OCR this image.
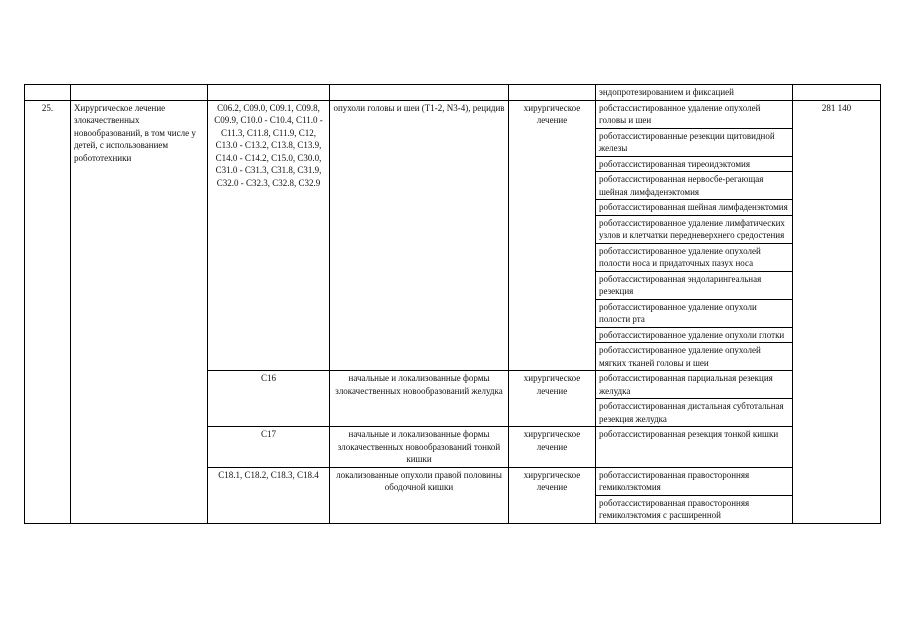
					эндопротезированием и фиксацией	
25.	Хирургическое лечение злокачественных новообразований, в том числе у детей, с использованием робототехники	C06.2, C09.0, C09.1, C09.8, C09.9, C10.0 - C10.4, C11.0 - C11.3, C11.8, C11.9, C12, C13.0 - C13.2, C13.8, C13.9, C14.0 - C14.2, C15.0, C30.0, C31.0 - C31.3, C31.8, C31.9, C32.0 - C32.3, C32.8, C32.9	опухоли головы и шеи (T1-2, N3-4), рецидив	хирургическое лечение	робстассистированное удаление опухолей головы и шеи	281 140
					роботассистированные резекции щитовидной железы	
					роботассистированная тиреоидэктомия	
					роботассистированная нервосбе-регающая шейная лимфаденэктомия	
					роботассистированная шейная лимфаденэктомия	
					роботассистированное удаление лимфатических узлов и клетчатки передневерхнего средостения	
					роботассистированное удаление опухолей полости носа и придаточных пазух носа	
					роботассистированная эндоларингеальная резекция	
					роботассистированное удаление опухоли полости рта	
					роботассистированное удаление опухоли глотки	
					роботассистированное удаление опухолей мягких тканей головы и шеи	
		C16	начальные и локализованные формы злокачественных новообразований желудка	хирургическое лечение	роботассистированная парциальная резекция желудка	
					роботассистированная дистальная субтотальная резекция желудка	
		C17	начальные и локализованные формы злокачественных новообразований тонкой кишки	хирургическое лечение	роботассистированная резекция тонкой кишки	
		C18.1, C18.2, C18.3, C18.4	локализованные опухоли правой половины ободочной кишки	хирургическое лечение	роботассистированная правосторонняя гемиколэктомия	
					роботассистированная правосторонняя гемиколэктомия с расширенной	
